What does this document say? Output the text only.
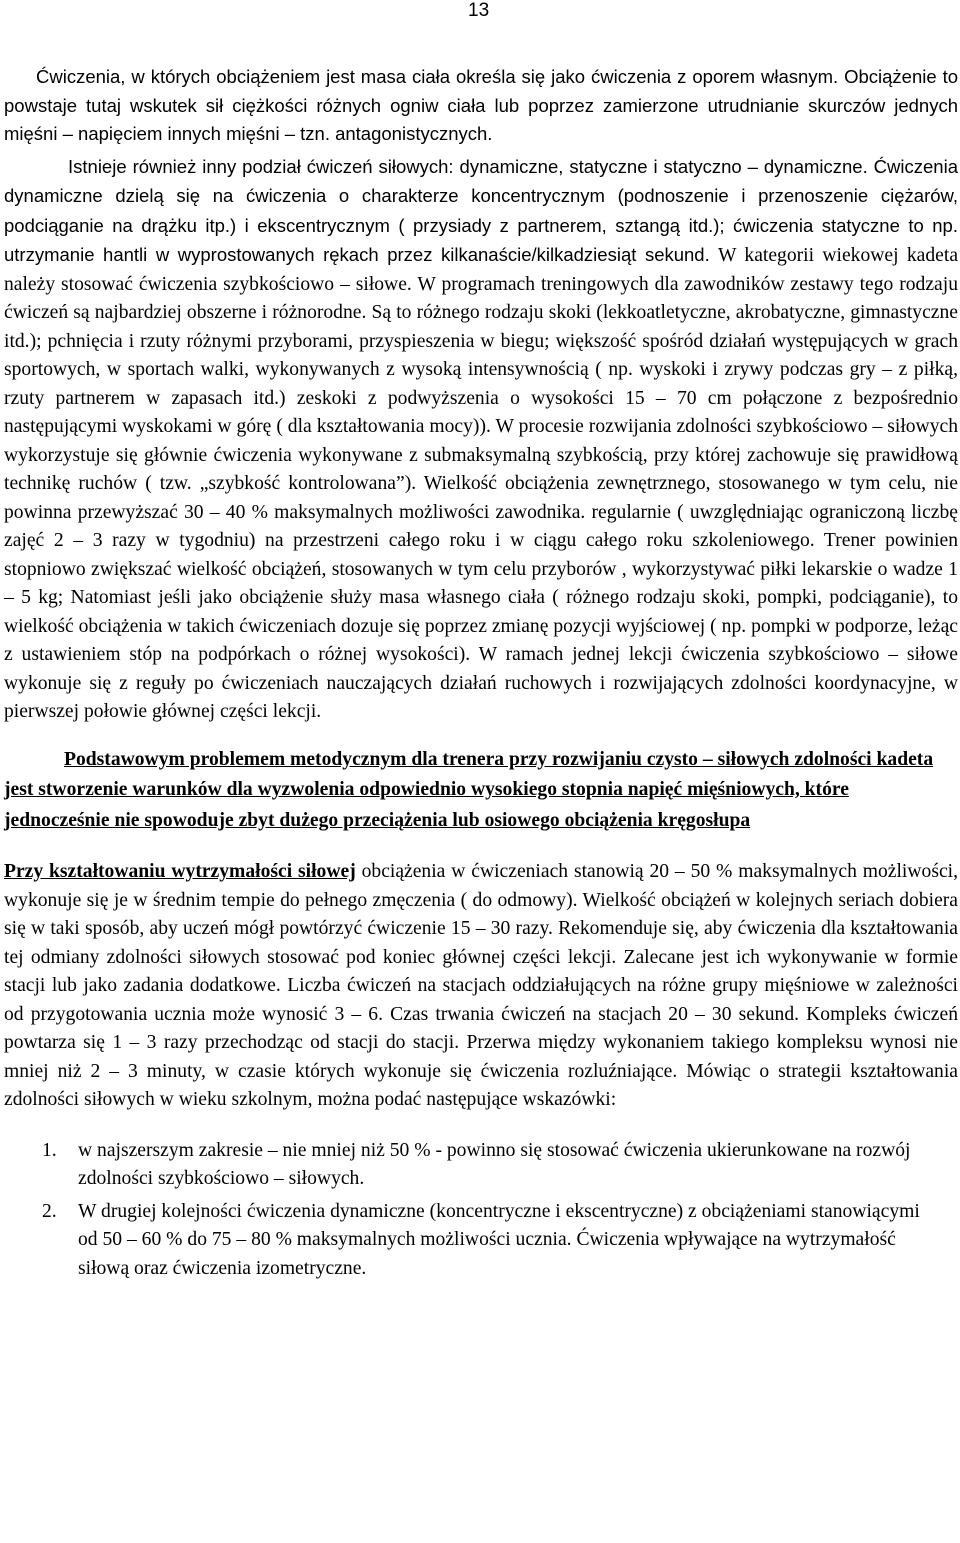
13

Ćwiczenia, w których obciążeniem jest masa ciała określa się jako ćwiczenia z oporem własnym. Obciążenie to powstaje tutaj wskutek sił ciężkości różnych ogniw ciała lub poprzez zamierzone utrudnianie skurczów jednych mięśni – napięciem innych mięśni – tzn. antagonistycznych.

Istnieje również inny podział ćwiczeń siłowych: dynamiczne, statyczne i statyczno – dynamiczne. Ćwiczenia dynamiczne dzielą się na ćwiczenia o charakterze koncentrycznym (podnoszenie i przenoszenie ciężarów, podciąganie na drążku itp.) i ekscentrycznym ( przysiady z partnerem, sztangą itd.); ćwiczenia statyczne to np. utrzymanie hantli w wyprostowanych rękach przez kilkanaście/kilkadziesiąt sekund. W kategorii wiekowej kadeta należy stosować ćwiczenia szybkościowo – siłowe. W programach treningowych dla zawodników zestawy tego rodzaju ćwiczeń są najbardziej obszerne i różnorodne. Są to różnego rodzaju skoki (lekkoatletyczne, akrobatyczne, gimnastyczne itd.); pchnięcia i rzuty różnymi przyborami, przyspieszenia w biegu; większość spośród działań występujących w grach sportowych, w sportach walki, wykonywanych z wysoką intensywnością ( np. wyskoki i zrywy podczas gry – z piłką, rzuty partnerem w zapasach itd.) zeskoki z podwyższenia o wysokości 15 – 70 cm połączone z bezpośrednio następującymi wyskokami w górę ( dla kształtowania mocy)). W procesie rozwijania zdolności szybkościowo – siłowych wykorzystuje się głównie ćwiczenia wykonywane z submaksymalną szybkością, przy której zachowuje się prawidłową technikę ruchów ( tzw. „szybkość kontrolowana”). Wielkość obciążenia zewnętrznego, stosowanego w tym celu, nie powinna przewyższać 30 – 40 % maksymalnych możliwości zawodnika. regularnie ( uwzględniając ograniczoną liczbę zajęć 2 – 3 razy w tygodniu) na przestrzeni całego roku i w ciągu całego roku szkoleniowego. Trener powinien stopniowo zwiększać wielkość obciążeń, stosowanych w tym celu przyborów , wykorzystywać piłki lekarskie o wadze 1 – 5 kg; Natomiast jeśli jako obciążenie służy masa własnego ciała ( różnego rodzaju skoki, pompki, podciąganie), to wielkość obciążenia w takich ćwiczeniach dozuje się poprzez zmianę pozycji wyjściowej ( np. pompki w podporze, leżąc z ustawieniem stóp na podpórkach o różnej wysokości). W ramach jednej lekcji ćwiczenia szybkościowo – siłowe wykonuje się z reguły po ćwiczeniach nauczających działań ruchowych i rozwijających zdolności koordynacyjne, w pierwszej połowie głównej części lekcji.

Podstawowym problemem metodycznym dla trenera przy rozwijaniu czysto – siłowych zdolności kadeta jest stworzenie warunków dla wyzwolenia odpowiednio wysokiego stopnia napięć mięśniowych, które jednocześnie nie spowoduje zbyt dużego przeciążenia lub osiowego obciążenia kręgosłupa

Przy kształtowaniu wytrzymałości siłowej obciążenia w ćwiczeniach stanowią 20 – 50 % maksymalnych możliwości, wykonuje się je w średnim tempie do pełnego zmęczenia ( do odmowy). Wielkość obciążeń w kolejnych seriach dobiera się w taki sposób, aby uczeń mógł powtórzyć ćwiczenie 15 – 30 razy. Rekomenduje się, aby ćwiczenia dla kształtowania tej odmiany zdolności siłowych stosować pod koniec głównej części lekcji. Zalecane jest ich wykonywanie w formie stacji lub jako zadania dodatkowe. Liczba ćwiczeń na stacjach oddziałujących na różne grupy mięśniowe w zależności od przygotowania ucznia może wynosić 3 – 6. Czas trwania ćwiczeń na stacjach 20 – 30 sekund. Kompleks ćwiczeń powtarza się 1 – 3 razy przechodząc od stacji do stacji. Przerwa między wykonaniem takiego kompleksu wynosi nie mniej niż 2 – 3 minuty, w czasie których wykonuje się ćwiczenia rozluźniające. Mówiąc o strategii kształtowania zdolności siłowych w wieku szkolnym, można podać następujące wskazówki:

1. w najszerszym zakresie – nie mniej niż 50 % - powinno się stosować ćwiczenia ukierunkowane na rozwój zdolności szybkościowo – siłowych.
2. W drugiej kolejności ćwiczenia dynamiczne (koncentryczne i ekscentryczne) z obciążeniami stanowiącymi od 50 – 60 % do 75 – 80 % maksymalnych możliwości ucznia. Ćwiczenia wpływające na wytrzymałość siłową oraz ćwiczenia izometryczne.
